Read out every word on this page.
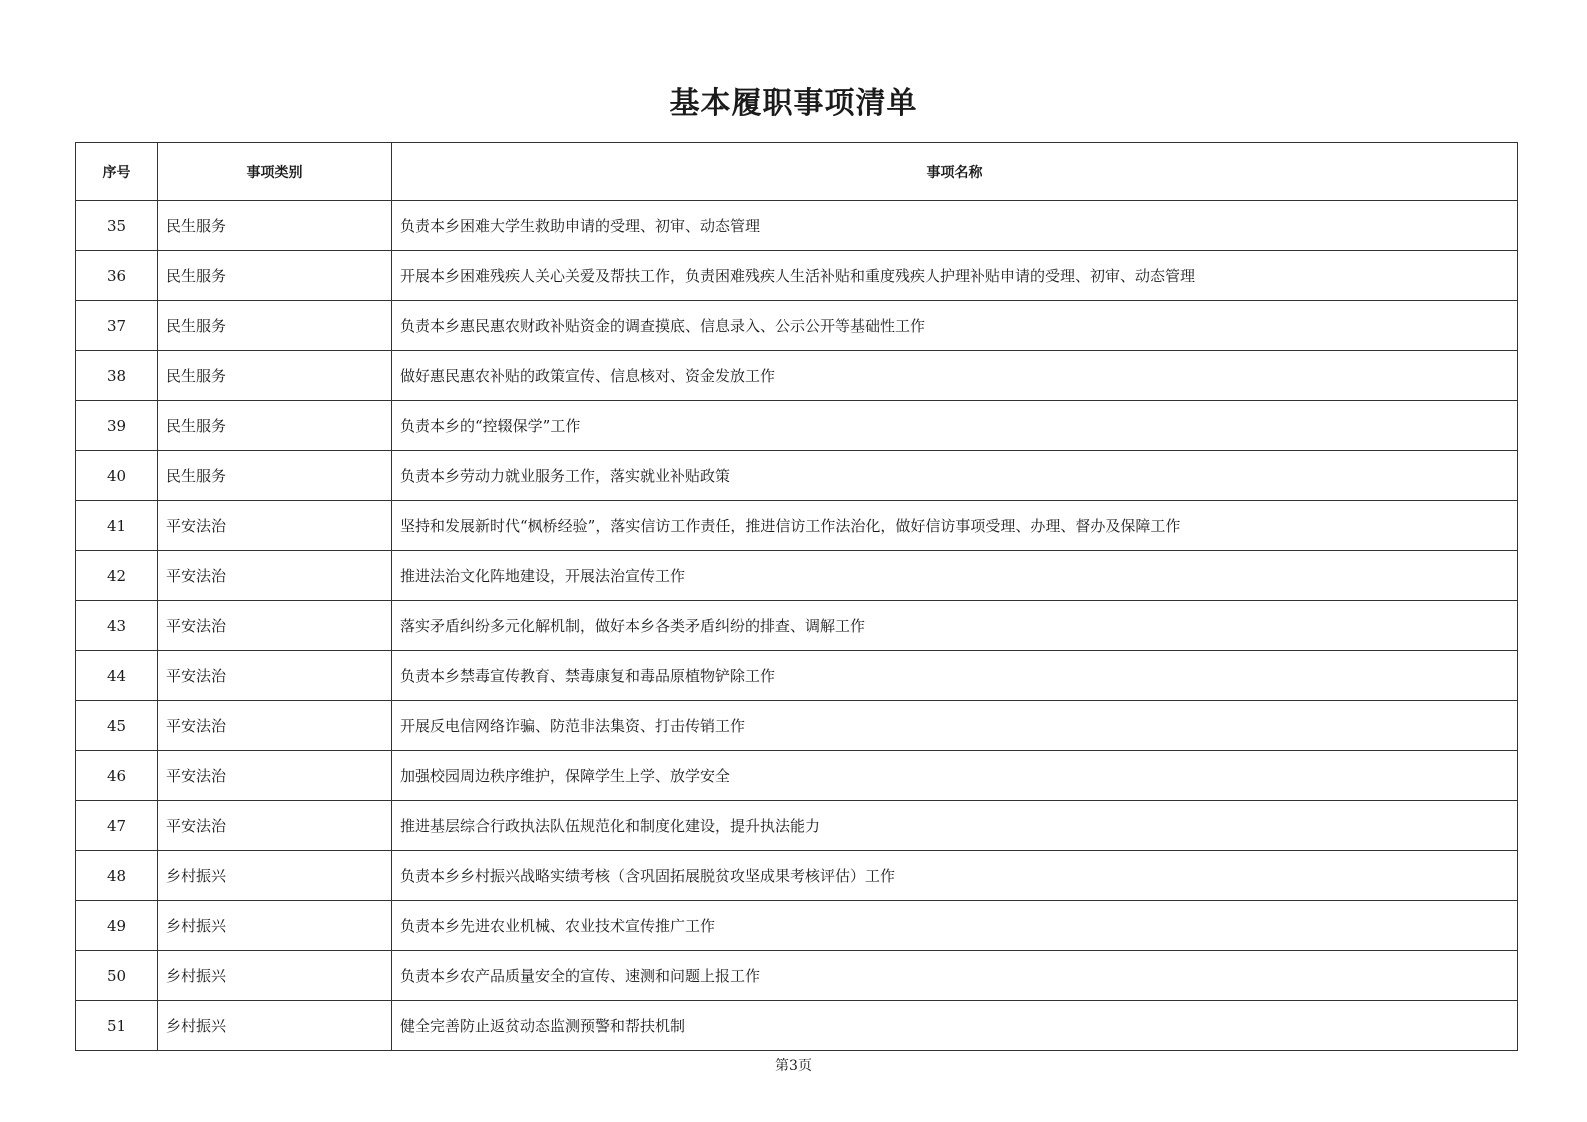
基本履职事项清单
序号	事项类别	事项名称
35	民生服务	负责本乡困难大学生救助申请的受理、初审、动态管理
36	民生服务	开展本乡困难残疾人关心关爱及帮扶工作，负责困难残疾人生活补贴和重度残疾人护理补贴申请的受理、初审、动态管理
37	民生服务	负责本乡惠民惠农财政补贴资金的调查摸底、信息录入、公示公开等基础性工作
38	民生服务	做好惠民惠农补贴的政策宣传、信息核对、资金发放工作
39	民生服务	负责本乡的“控辍保学”工作
40	民生服务	负责本乡劳动力就业服务工作，落实就业补贴政策
41	平安法治	坚持和发展新时代“枫桥经验”，落实信访工作责任，推进信访工作法治化，做好信访事项受理、办理、督办及保障工作
42	平安法治	推进法治文化阵地建设，开展法治宣传工作
43	平安法治	落实矛盾纠纷多元化解机制，做好本乡各类矛盾纠纷的排查、调解工作
44	平安法治	负责本乡禁毒宣传教育、禁毒康复和毒品原植物铲除工作
45	平安法治	开展反电信网络诈骗、防范非法集资、打击传销工作
46	平安法治	加强校园周边秩序维护，保障学生上学、放学安全
47	平安法治	推进基层综合行政执法队伍规范化和制度化建设，提升执法能力
48	乡村振兴	负责本乡乡村振兴战略实绩考核（含巩固拓展脱贫攻坚成果考核评估）工作
49	乡村振兴	负责本乡先进农业机械、农业技术宣传推广工作
50	乡村振兴	负责本乡农产品质量安全的宣传、速测和问题上报工作
51	乡村振兴	健全完善防止返贫动态监测预警和帮扶机制
第3页
